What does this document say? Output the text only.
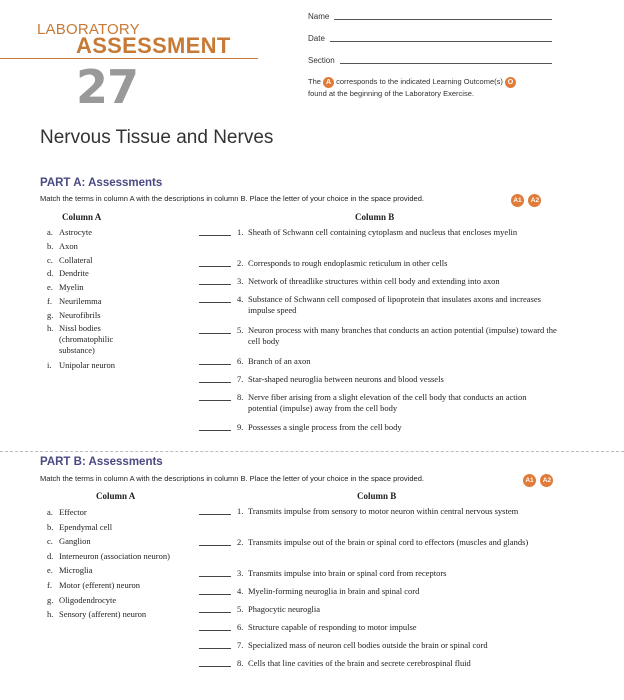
LABORATORY
ASSESSMENT
27
Name
Date
Section
The A corresponds to the indicated Learning Outcome(s) O
found at the beginning of the Laboratory Exercise.
Nervous Tissue and Nerves
PART A: Assessments
Match the terms in column A with the descriptions in column B. Place the letter of your choice in the space provided.	A1 A2
Column A	Column B
a. Astrocyte
b. Axon
c. Collateral
d. Dendrite
e. Myelin
f. Neurilemma
g. Neurofibrils
h. Nissl bodies
(chromatophilic
substance)
i. Unipolar neuron
1. Sheath of Schwann cell containing cytoplasm and nucleus that encloses myelin
2. Corresponds to rough endoplasmic reticulum in other cells
3. Network of threadlike structures within cell body and extending into axon
4. Substance of Schwann cell composed of lipoprotein that insulates axons and increases impulse speed
5. Neuron process with many branches that conducts an action potential (impulse) toward the cell body
6. Branch of an axon
7. Star-shaped neuroglia between neurons and blood vessels
8. Nerve fiber arising from a slight elevation of the cell body that conducts an action potential (impulse) away from the cell body
9. Possesses a single process from the cell body
PART B: Assessments
Match the terms in column A with the descriptions in column B. Place the letter of your choice in the space provided.	A1 A2
Column A	Column B
a. Effector
b. Ependymal cell
c. Ganglion
d. Interneuron (association neuron)
e. Microglia
f. Motor (efferent) neuron
g. Oligodendrocyte
h. Sensory (afferent) neuron
1. Transmits impulse from sensory to motor neuron within central nervous system
2. Transmits impulse out of the brain or spinal cord to effectors (muscles and glands)
3. Transmits impulse into brain or spinal cord from receptors
4. Myelin-forming neuroglia in brain and spinal cord
5. Phagocytic neuroglia
6. Structure capable of responding to motor impulse
7. Specialized mass of neuron cell bodies outside the brain or spinal cord
8. Cells that line cavities of the brain and secrete cerebrospinal fluid
